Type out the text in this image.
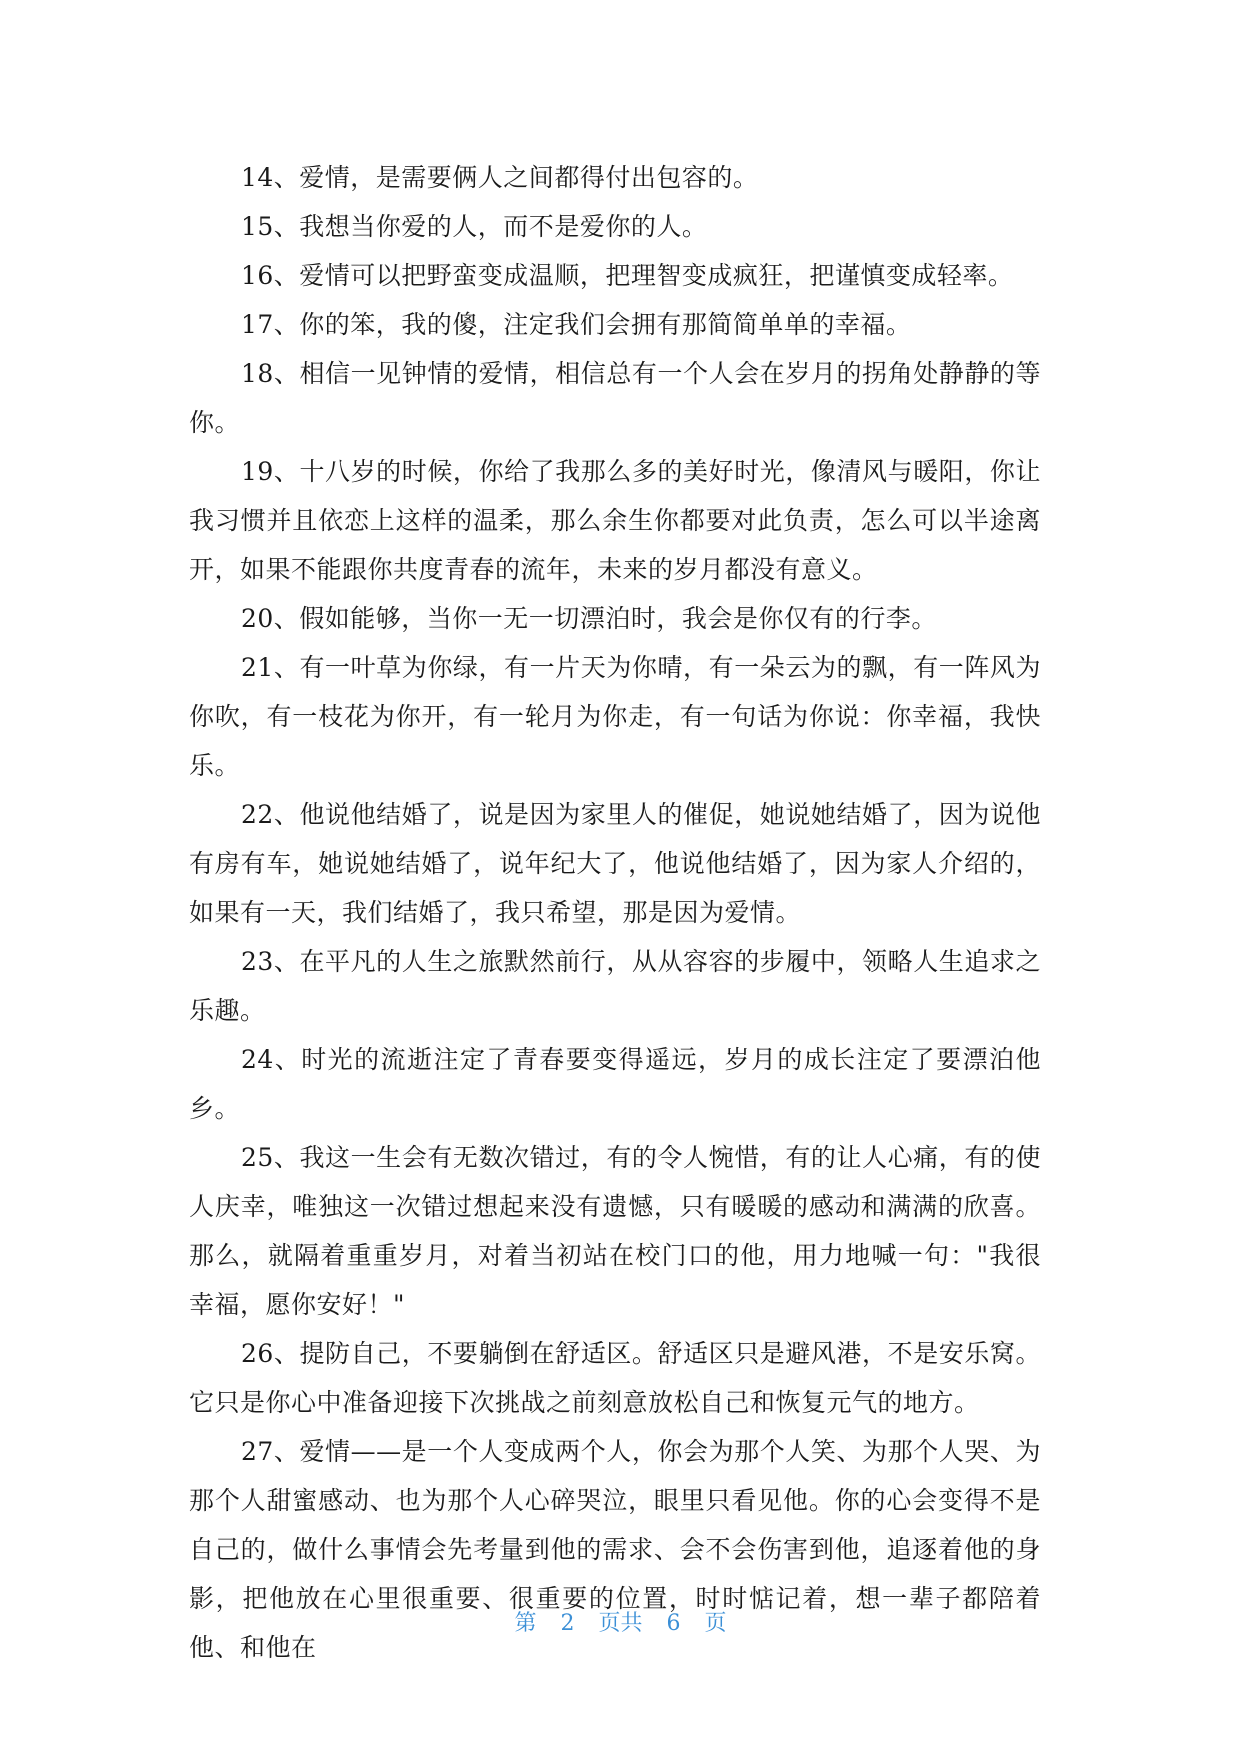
14、爱情，是需要俩人之间都得付出包容的。

15、我想当你爱的人，而不是爱你的人。

16、爱情可以把野蛮变成温顺，把理智变成疯狂，把谨慎变成轻率。

17、你的笨，我的傻，注定我们会拥有那简简单单的幸福。

18、相信一见钟情的爱情，相信总有一个人会在岁月的拐角处静静的等你。

19、十八岁的时候，你给了我那么多的美好时光，像清风与暖阳，你让我习惯并且依恋上这样的温柔，那么余生你都要对此负责，怎么可以半途离开，如果不能跟你共度青春的流年，未来的岁月都没有意义。

20、假如能够，当你一无一切漂泊时，我会是你仅有的行李。

21、有一叶草为你绿，有一片天为你晴，有一朵云为的飘，有一阵风为你吹，有一枝花为你开，有一轮月为你走，有一句话为你说：你幸福，我快乐。

22、他说他结婚了，说是因为家里人的催促，她说她结婚了，因为说他有房有车，她说她结婚了，说年纪大了，他说他结婚了，因为家人介绍的，如果有一天，我们结婚了，我只希望，那是因为爱情。

23、在平凡的人生之旅默然前行，从从容容的步履中，领略人生追求之乐趣。

24、时光的流逝注定了青春要变得遥远，岁月的成长注定了要漂泊他乡。

25、我这一生会有无数次错过，有的令人惋惜，有的让人心痛，有的使人庆幸，唯独这一次错过想起来没有遗憾，只有暖暖的感动和满满的欣喜。那么，就隔着重重岁月，对着当初站在校门口的他，用力地喊一句："我很幸福，愿你安好！"

26、提防自己，不要躺倒在舒适区。舒适区只是避风港，不是安乐窝。它只是你心中准备迎接下次挑战之前刻意放松自己和恢复元气的地方。

27、爱情——是一个人变成两个人，你会为那个人笑、为那个人哭、为那个人甜蜜感动、也为那个人心碎哭泣，眼里只看见他。你的心会变得不是自己的，做什么事情会先考量到他的需求、会不会伤害到他，追逐着他的身影，把他放在心里很重要、很重要的位置，时时惦记着，想一辈子都陪着他、和他在

第 2 页共 6 页
